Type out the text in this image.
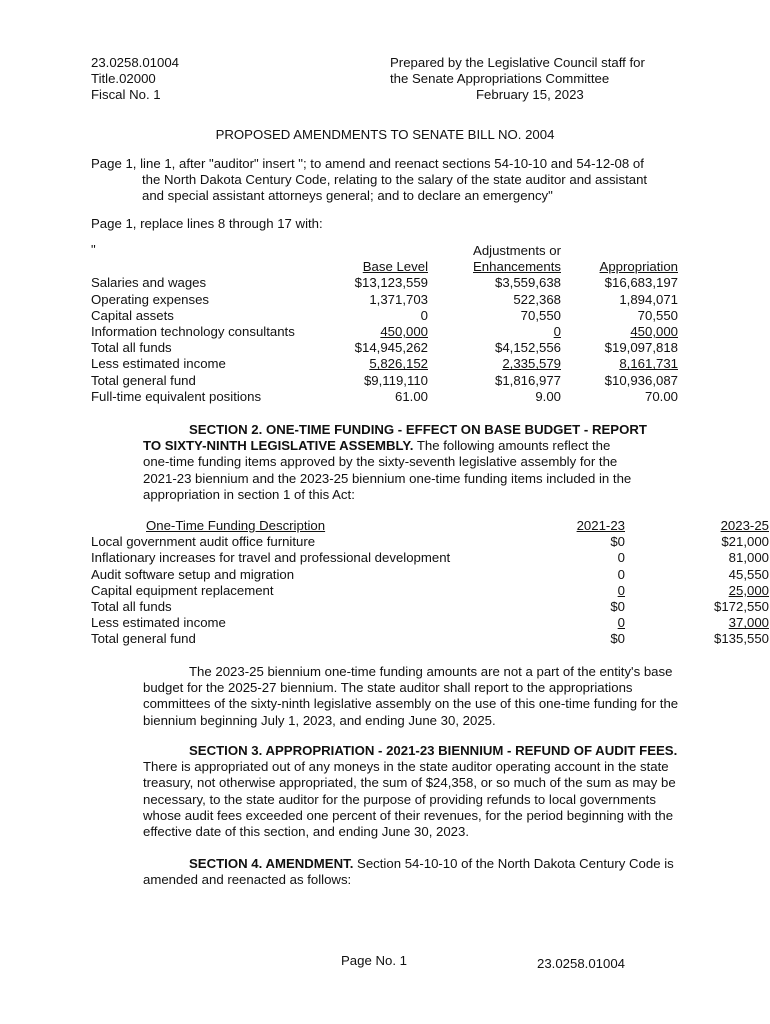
23.0258.01004
Title.02000
Fiscal No. 1
Prepared by the Legislative Council staff for
the Senate Appropriations Committee
February 15, 2023
PROPOSED AMENDMENTS TO SENATE BILL NO. 2004
Page 1, line 1, after "auditor" insert "; to amend and reenact sections 54-10-10 and 54-12-08 of
the North Dakota Century Code, relating to the salary of the state auditor and assistant
and special assistant attorneys general; and to declare an emergency"
Page 1, replace lines 8 through 17 with:
"
			Adjustments or	
	Base Level	Enhancements	Appropriation
Salaries and wages	$13,123,559	$3,559,638	$16,683,197
Operating expenses	1,371,703	522,368	1,894,071
Capital assets	0	70,550	70,550
Information technology consultants	450,000	0	450,000
Total all funds	$14,945,262	$4,152,556	$19,097,818
Less estimated income	5,826,152	2,335,579	8,161,731
Total general fund	$9,119,110	$1,816,977	$10,936,087
Full-time equivalent positions	61.00	9.00	70.00
SECTION 2. ONE-TIME FUNDING - EFFECT ON BASE BUDGET - REPORT
TO SIXTY-NINTH LEGISLATIVE ASSEMBLY. The following amounts reflect the
one-time funding items approved by the sixty-seventh legislative assembly for the
2021-23 biennium and the 2023-25 biennium one-time funding items included in the
appropriation in section 1 of this Act:
One-Time Funding Description	2021-23	2023-25
Local government audit office furniture	$0	$21,000
Inflationary increases for travel and professional development	0	81,000
Audit software setup and migration	0	45,550
Capital equipment replacement	0	25,000
Total all funds	$0	$172,550
Less estimated income	0	37,000
Total general fund	$0	$135,550
The 2023-25 biennium one-time funding amounts are not a part of the entity's base budget for the 2025-27 biennium. The state auditor shall report to the appropriations committees of the sixty-ninth legislative assembly on the use of this one-time funding for the biennium beginning July 1, 2023, and ending June 30, 2025.
SECTION 3. APPROPRIATION - 2021-23 BIENNIUM - REFUND OF AUDIT FEES. There is appropriated out of any moneys in the state auditor operating account in the state treasury, not otherwise appropriated, the sum of $24,358, or so much of the sum as may be necessary, to the state auditor for the purpose of providing refunds to local governments whose audit fees exceeded one percent of their revenues, for the period beginning with the effective date of this section, and ending June 30, 2023.
SECTION 4. AMENDMENT. Section 54-10-10 of the North Dakota Century Code is amended and reenacted as follows:
Page No. 1	23.0258.01004
